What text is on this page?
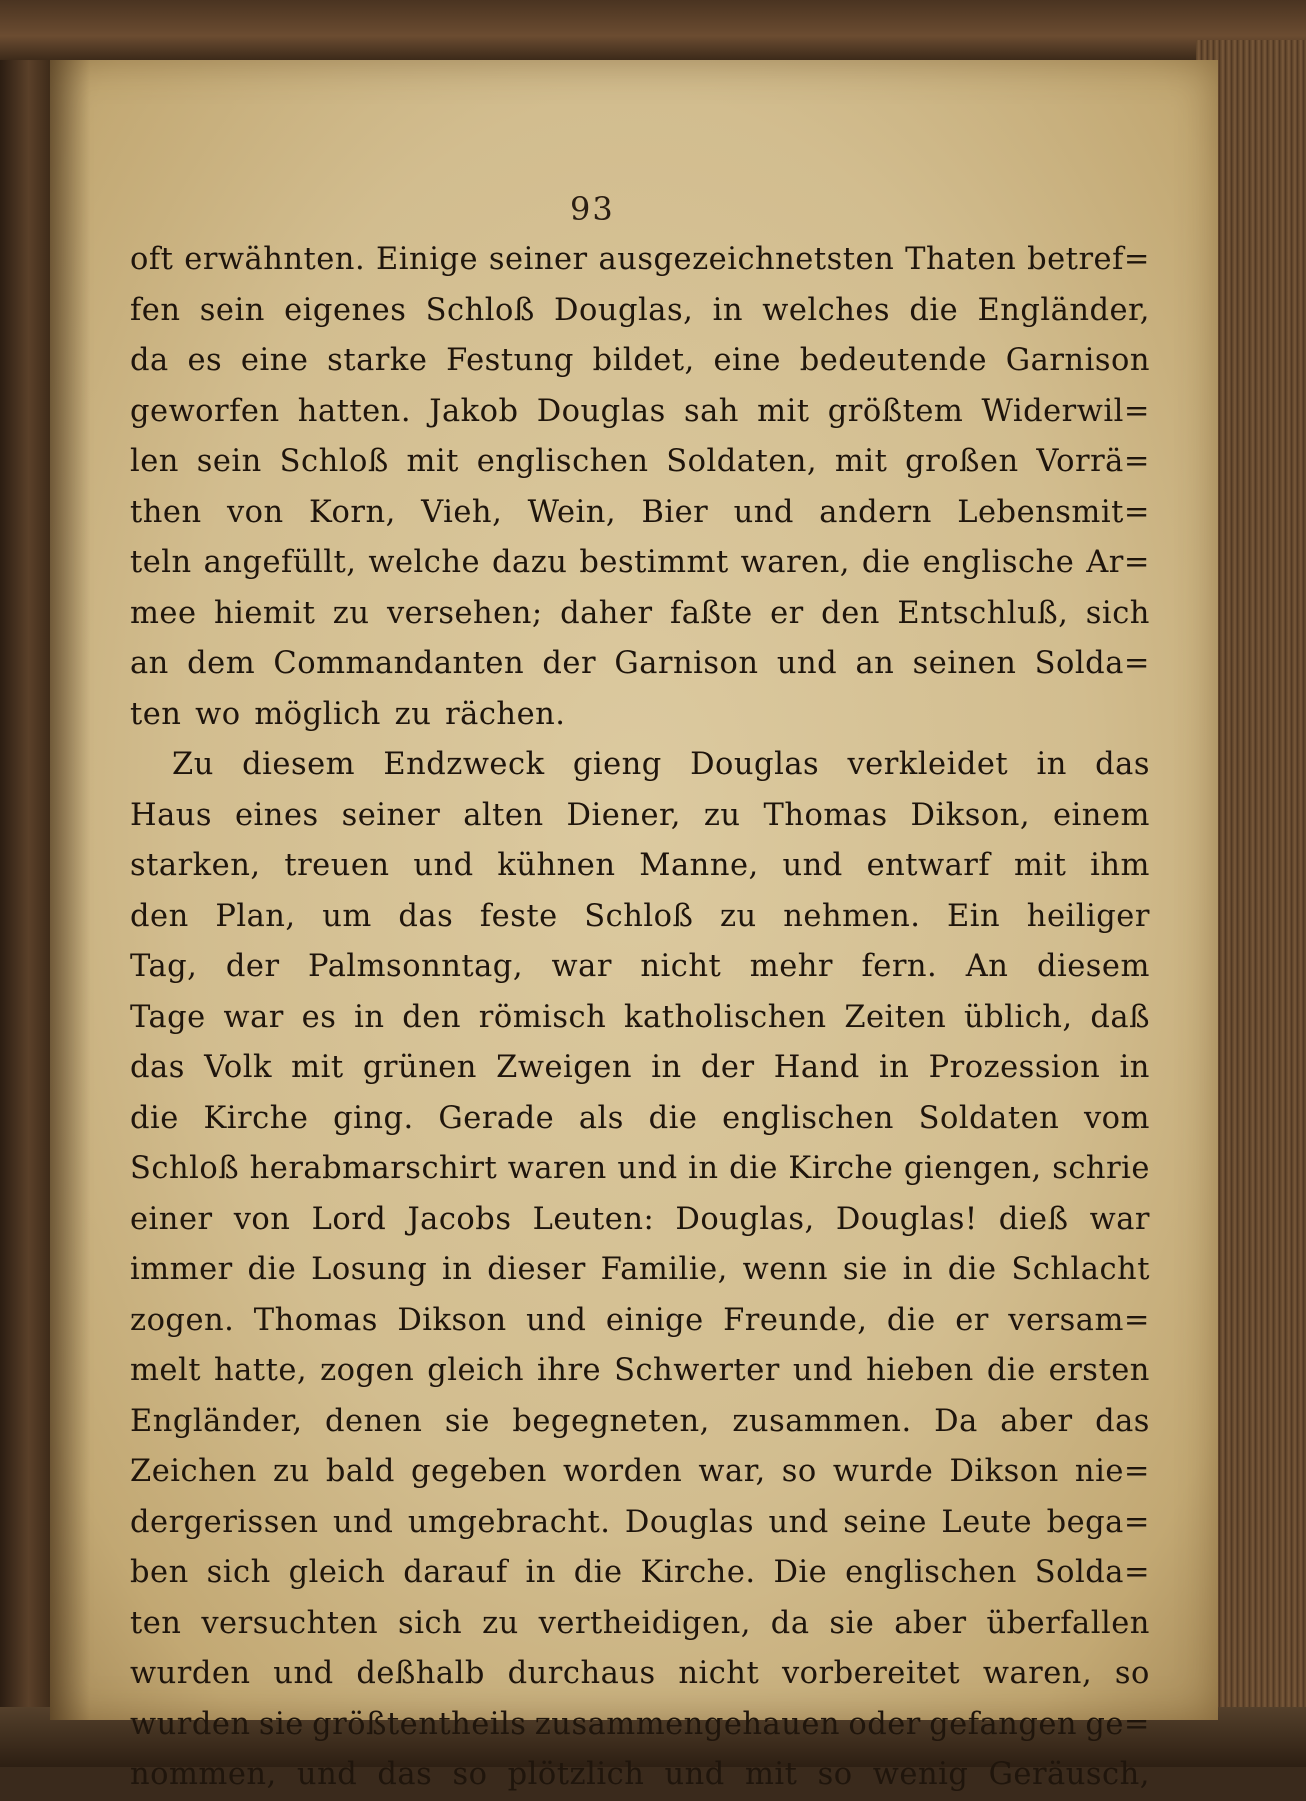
93
oft erwähnten. Einige seiner ausgezeichnetsten Thaten betref=
fen sein eigenes Schloß Douglas, in welches die Engländer,
da es eine starke Festung bildet, eine bedeutende Garnison
geworfen hatten. Jakob Douglas sah mit größtem Widerwil=
len sein Schloß mit englischen Soldaten, mit großen Vorrä=
then von Korn, Vieh, Wein, Bier und andern Lebensmit=
teln angefüllt, welche dazu bestimmt waren, die englische Ar=
mee hiemit zu versehen; daher faßte er den Entschluß, sich
an dem Commandanten der Garnison und an seinen Solda=
ten wo möglich zu rächen.
Zu diesem Endzweck gieng Douglas verkleidet in das
Haus eines seiner alten Diener, zu Thomas Dikson, einem
starken, treuen und kühnen Manne, und entwarf mit ihm
den Plan, um das feste Schloß zu nehmen. Ein heiliger
Tag, der Palmsonntag, war nicht mehr fern. An diesem
Tage war es in den römisch katholischen Zeiten üblich, daß
das Volk mit grünen Zweigen in der Hand in Prozession in
die Kirche ging. Gerade als die englischen Soldaten vom
Schloß herabmarschirt waren und in die Kirche giengen, schrie
einer von Lord Jacobs Leuten: Douglas, Douglas! dieß war
immer die Losung in dieser Familie, wenn sie in die Schlacht
zogen. Thomas Dikson und einige Freunde, die er versam=
melt hatte, zogen gleich ihre Schwerter und hieben die ersten
Engländer, denen sie begegneten, zusammen. Da aber das
Zeichen zu bald gegeben worden war, so wurde Dikson nie=
dergerissen und umgebracht. Douglas und seine Leute bega=
ben sich gleich darauf in die Kirche. Die englischen Solda=
ten versuchten sich zu vertheidigen, da sie aber überfallen
wurden und deßhalb durchaus nicht vorbereitet waren, so
wurden sie größtentheils zusammengehauen oder gefangen ge=
nommen, und das so plötzlich und mit so wenig Geräusch,
